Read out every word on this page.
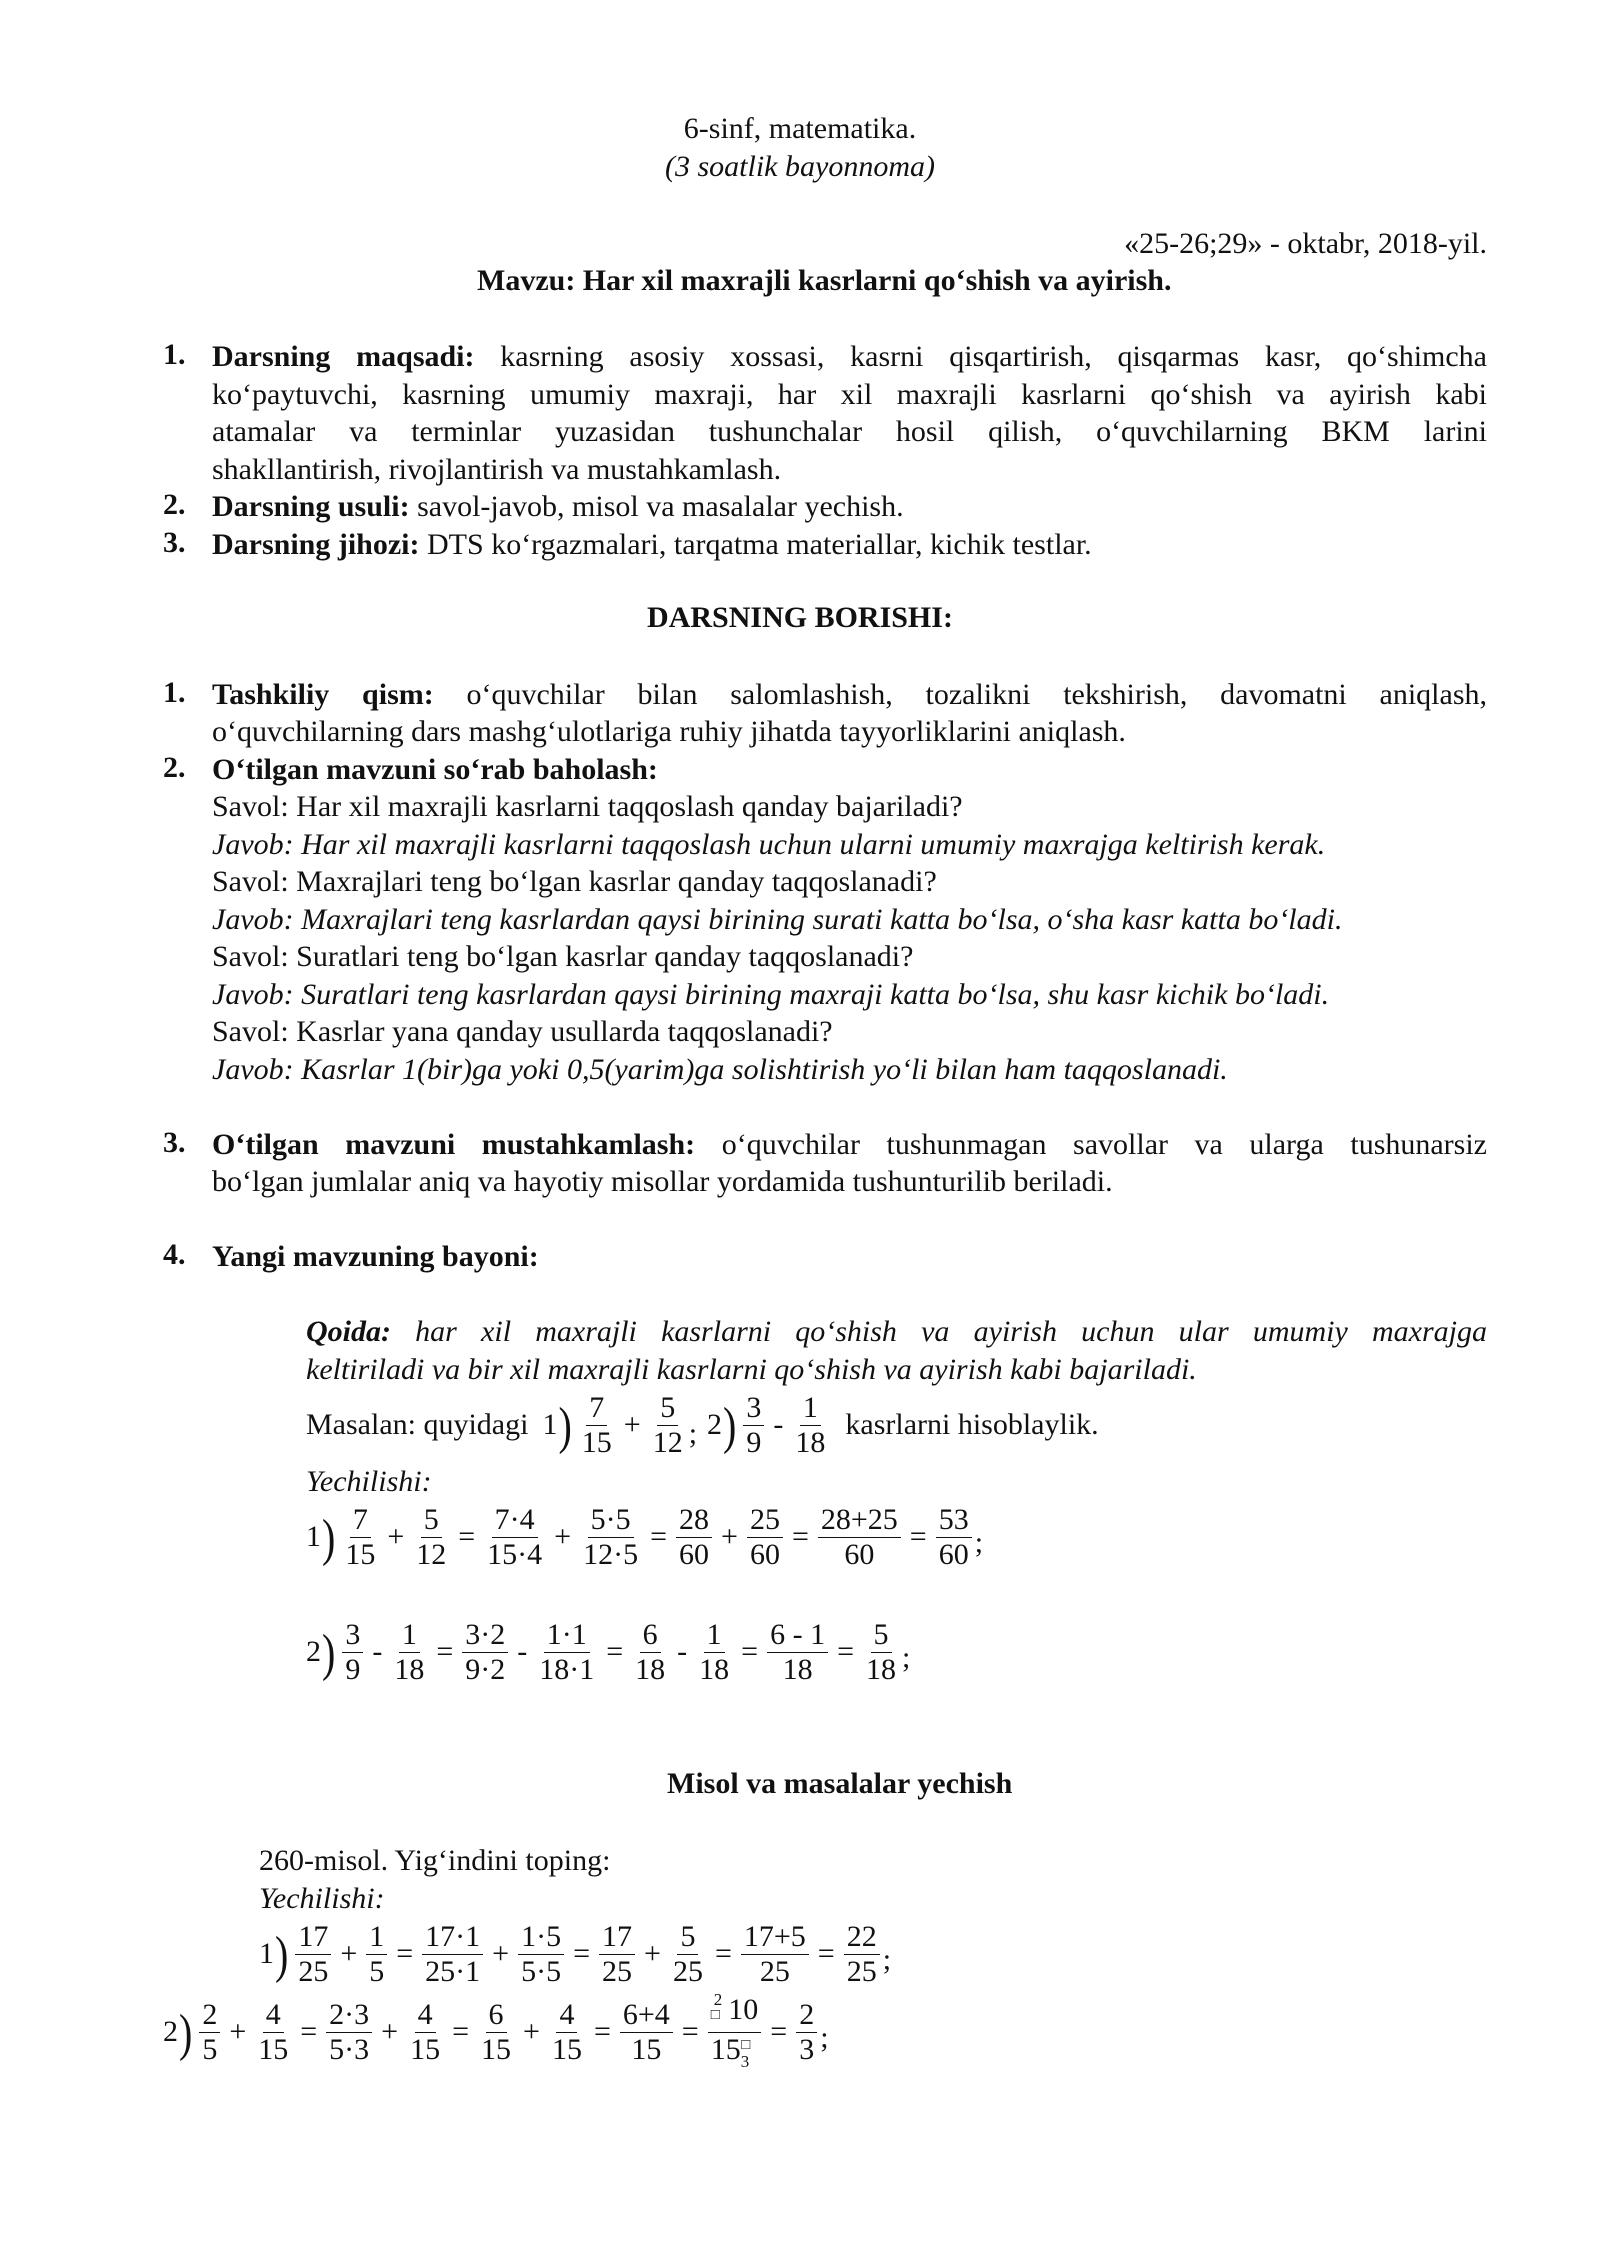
6-sinf, matematika.
(3 soatlik bayonnoma)
«25-26;29» - oktabr, 2018-yil.
Mavzu: Har xil maxrajli kasrlarni qo‘shish va ayirish.
1. Darsning maqsadi: kasrning asosiy xossasi, kasrni qisqartirish, qisqarmas kasr, qo‘shimcha
ko‘paytuvchi, kasrning umumiy maxraji, har xil maxrajli kasrlarni qo‘shish va ayirish kabi
atamalar va terminlar yuzasidan tushunchalar hosil qilish, o‘quvchilarning BKM larini
shakllantirish, rivojlantirish va mustahkamlash.
2. Darsning usuli: savol-javob, misol va masalalar yechish.
3. Darsning jihozi: DTS ko‘rgazmalari, tarqatma materiallar, kichik testlar.
DARSNING BORISHI:
1. Tashkiliy qism: o‘quvchilar bilan salomlashish, tozalikni tekshirish, davomatni aniqlash,
o‘quvchilarning dars mashg‘ulotlariga ruhiy jihatda tayyorliklarini aniqlash.
2. O‘tilgan mavzuni so‘rab baholash:
Savol: Har xil maxrajli kasrlarni taqqoslash qanday bajariladi?
Javob: Har xil maxrajli kasrlarni taqqoslash uchun ularni umumiy maxrajga keltirish kerak.
Savol: Maxrajlari teng bo‘lgan kasrlar qanday taqqoslanadi?
Javob: Maxrajlari teng kasrlardan qaysi birining surati katta bo‘lsa, o‘sha kasr katta bo‘ladi.
Savol: Suratlari teng bo‘lgan kasrlar qanday taqqoslanadi?
Javob: Suratlari teng kasrlardan qaysi birining maxraji katta bo‘lsa, shu kasr kichik bo‘ladi.
Savol: Kasrlar yana qanday usullarda taqqoslanadi?
Javob: Kasrlar 1(bir)ga yoki 0,5(yarim)ga solishtirish yo‘li bilan ham taqqoslanadi.
3. O‘tilgan mavzuni mustahkamlash: o‘quvchilar tushunmagan savollar va ularga tushunarsiz
bo‘lgan jumlalar aniq va hayotiy misollar yordamida tushunturilib beriladi.
4. Yangi mavzuning bayoni:
Qoida: har xil maxrajli kasrlarni qo‘shish va ayirish uchun ular umumiy maxrajga
keltiriladi va bir xil maxrajli kasrlarni qo‘shish va ayirish kabi bajariladi.
Masalan: quyidagi 1 ) $\frac{7}{15} + \frac{5}{12}$ ; 2 ) $\frac{3}{9} - \frac{1}{18}$ kasrlarni hisoblaylik.
Yechilishi:
1 ) $\frac{7}{15} + \frac{5}{12} = \frac{7\cdot 4}{15\cdot 4} + \frac{5\cdot 5}{12\cdot 5} = \frac{28}{60} + \frac{25}{60} = \frac{28+25}{60} = \frac{53}{60}$ ;
2 ) $\frac{3}{9} - \frac{1}{18} = \frac{3\cdot 2}{9\cdot 2} - \frac{1\cdot 1}{18\cdot 1} = \frac{6}{18} - \frac{1}{18} = \frac{6 - 1}{18} = \frac{5}{18}$ ;
Misol va masalalar yechish
260-misol. Yig‘indini toping:
Yechilishi:
1 ) $\frac{17}{25} + \frac{1}{5} = \frac{17\cdot 1}{25\cdot 1} + \frac{1\cdot 5}{5\cdot 5} = \frac{17}{25} + \frac{5}{25} = \frac{17+5}{25} = \frac{22}{25}$ ;
2 ) $\frac{2}{5} + \frac{4}{15} = \frac{2\cdot 3}{5\cdot 3} + \frac{4}{15} = \frac{6}{15} + \frac{4}{15} = \frac{6+4}{15} = \frac{□^2 10}{15_3^□} = \frac{2}{3}$ ;
